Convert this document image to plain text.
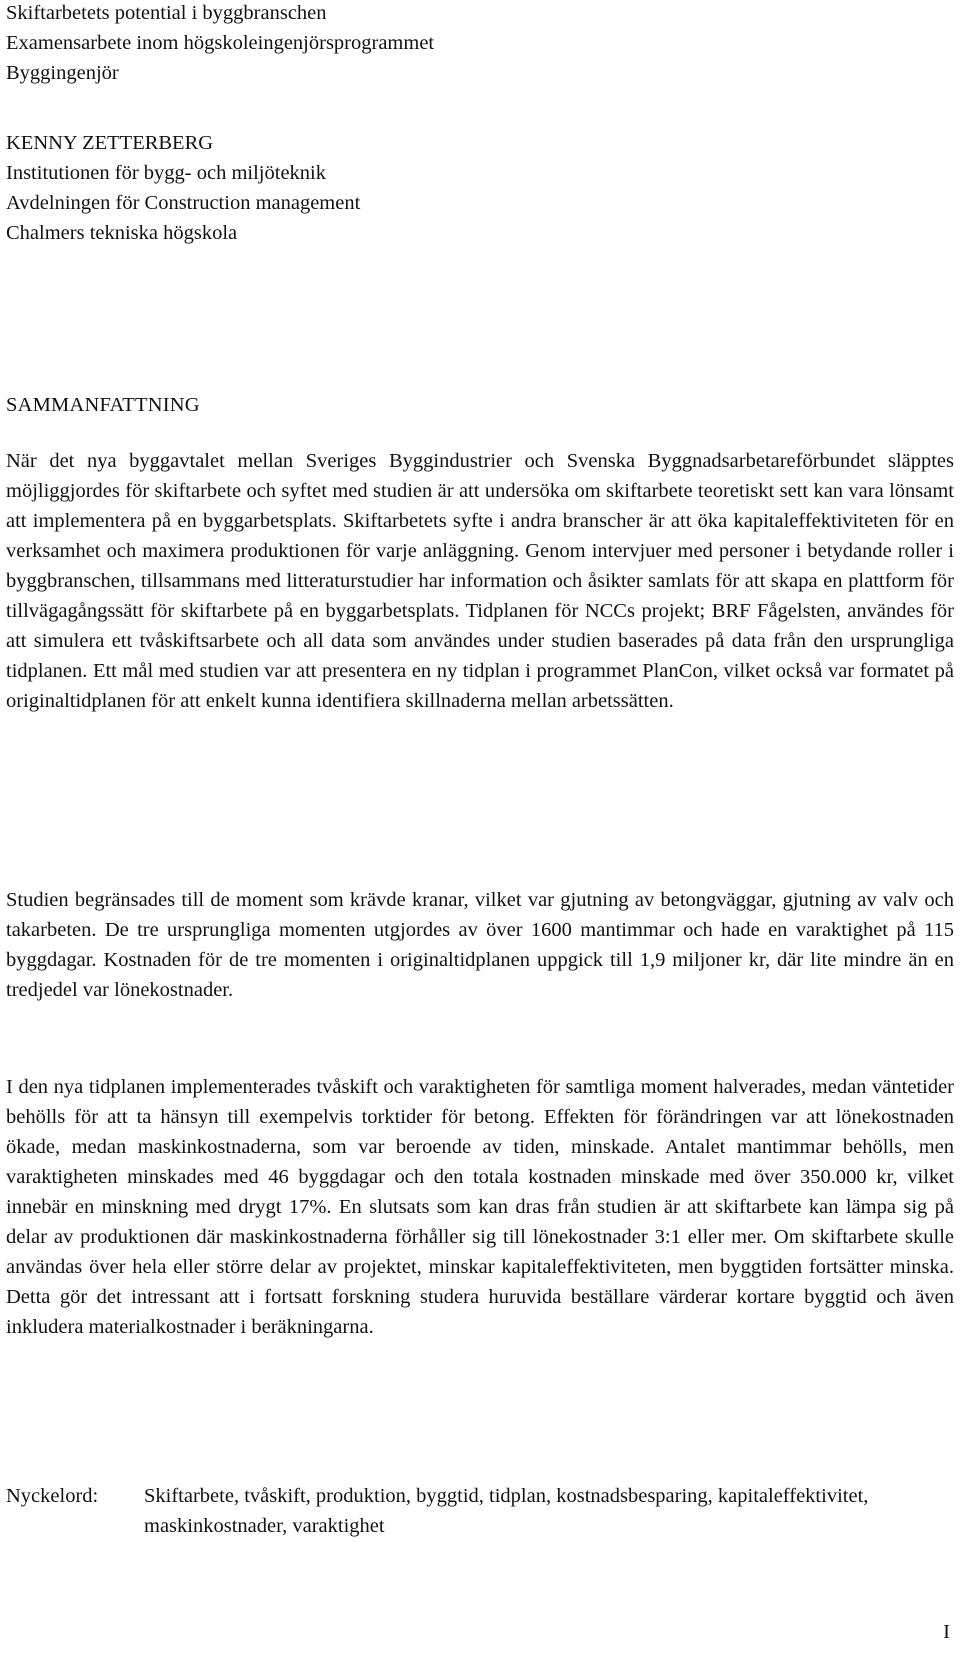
Skiftarbetets potential i byggbranschen
Examensarbete inom högskoleingenjörsprogrammet
Byggingenjör
KENNY ZETTERBERG
Institutionen för bygg- och miljöteknik
Avdelningen för Construction management
Chalmers tekniska högskola
SAMMANFATTNING

När det nya byggavtalet mellan Sveriges Byggindustrier och Svenska Byggnadsarbetareförbundet släpptes möjliggjordes för skiftarbete och syftet med studien är att undersöka om skiftarbete teoretiskt sett kan vara lönsamt att implementera på en byggarbetsplats. Skiftarbetets syfte i andra branscher är att öka kapitaleffektiviteten för en verksamhet och maximera produktionen för varje anläggning. Genom intervjuer med personer i betydande roller i byggbranschen, tillsammans med litteraturstudier har information och åsikter samlats för att skapa en plattform för tillvägagångssätt för skiftarbete på en byggarbetsplats. Tidplanen för NCCs projekt; BRF Fågelsten, användes för att simulera ett tvåskiftsarbete och all data som användes under studien baserades på data från den ursprungliga tidplanen. Ett mål med studien var att presentera en ny tidplan i programmet PlanCon, vilket också var formatet på originaltidplanen för att enkelt kunna identifiera skillnaderna mellan arbetssätten.

Studien begränsades till de moment som krävde kranar, vilket var gjutning av betongväggar, gjutning av valv och takarbeten. De tre ursprungliga momenten utgjordes av över 1600 mantimmar och hade en varaktighet på 115 byggdagar. Kostnaden för de tre momenten i originaltidplanen uppgick till 1,9 miljoner kr, där lite mindre än en tredjedel var lönekostnader.

I den nya tidplanen implementerades tvåskift och varaktigheten för samtliga moment halverades, medan väntetider behölls för att ta hänsyn till exempelvis torktider för betong. Effekten för förändringen var att lönekostnaden ökade, medan maskinkostnaderna, som var beroende av tiden, minskade. Antalet mantimmar behölls, men varaktigheten minskades med 46 byggdagar och den totala kostnaden minskade med över 350.000 kr, vilket innebär en minskning med drygt 17%. En slutsats som kan dras från studien är att skiftarbete kan lämpa sig på delar av produktionen där maskinkostnaderna förhåller sig till lönekostnader 3:1 eller mer. Om skiftarbete skulle användas över hela eller större delar av projektet, minskar kapitaleffektiviteten, men byggtiden fortsätter minska. Detta gör det intressant att i fortsatt forskning studera huruvida beställare värderar kortare byggtid och även inkludera materialkostnader i beräkningarna.

Nyckelord:	Skiftarbete, tvåskift, produktion, byggtid, tidplan, kostnadsbesparing, kapitaleffektivitet, maskinkostnader, varaktighet
I
